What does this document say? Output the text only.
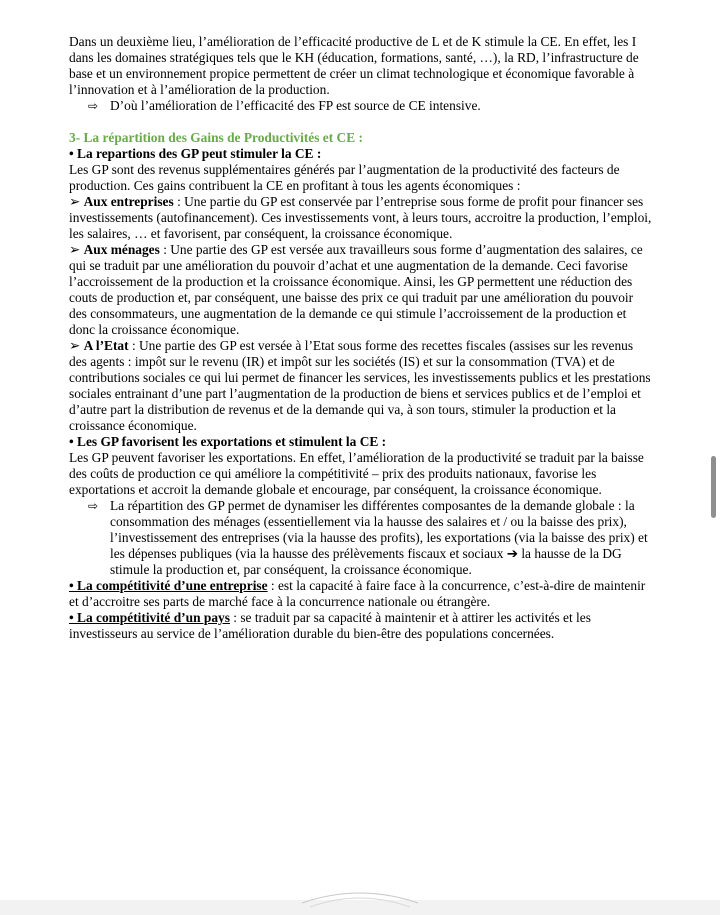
Dans un deuxième lieu, l’amélioration de l’efficacité productive de L et de K stimule la CE. En effet, les I dans les domaines stratégiques tels que le KH (éducation, formations, santé, …), la RD, l’infrastructure de base et un environnement propice permettent de créer un climat technologique et économique favorable à l’innovation et à l’amélioration de la production.

⇨ D’où l’amélioration de l’efficacité des FP est source de CE intensive.

3- La répartition des Gains de Productivités et CE :

• La repartions des GP peut stimuler la CE :

Les GP sont des revenus supplémentaires générés par l’augmentation de la productivité des facteurs de production. Ces gains contribuent la CE en profitant à tous les agents économiques :

➢ Aux entreprises : Une partie du GP est conservée par l’entreprise sous forme de profit pour financer ses investissements (autofinancement). Ces investissements vont, à leurs tours, accroitre la production, l’emploi, les salaires, … et favorisent, par conséquent, la croissance économique.

➢ Aux ménages : Une partie des GP est versée aux travailleurs sous forme d’augmentation des salaires, ce qui se traduit par une amélioration du pouvoir d’achat et une augmentation de la demande. Ceci favorise l’accroissement de la production et la croissance économique. Ainsi, les GP permettent une réduction des couts de production et, par conséquent, une baisse des prix ce qui traduit par une amélioration du pouvoir des consommateurs, une augmentation de la demande ce qui stimule l’accroissement de la production et donc la croissance économique.

➢ A l’Etat : Une partie des GP est versée à l’Etat sous forme des recettes fiscales (assises sur les revenus des agents : impôt sur le revenu (IR) et impôt sur les sociétés (IS) et sur la consommation (TVA) et de contributions sociales ce qui lui permet de financer les services, les investissements publics et les prestations sociales entrainant d’une part l’augmentation de la production de biens et services publics et de l’emploi et d’autre part la distribution de revenus et de la demande qui va, à son tours, stimuler la production et la croissance économique.

• Les GP favorisent les exportations et stimulent la CE :

Les GP peuvent favoriser les exportations. En effet, l’amélioration de la productivité se traduit par la baisse des coûts de production ce qui améliore la compétitivité – prix des produits nationaux, favorise les exportations et accroit la demande globale et encourage, par conséquent, la croissance économique.

⇨ La répartition des GP permet de dynamiser les différentes composantes de la demande globale : la consommation des ménages (essentiellement via la hausse des salaires et / ou la baisse des prix), l’investissement des entreprises (via la hausse des profits), les exportations (via la baisse des prix) et les dépenses publiques (via la hausse des prélèvements fiscaux et sociaux ➔ la hausse de la DG stimule la production et, par conséquent, la croissance économique.

• La compétitivité d’une entreprise : est la capacité à faire face à la concurrence, c’est-à-dire de maintenir et d’accroitre ses parts de marché face à la concurrence nationale ou étrangère.

• La compétitivité d’un pays : se traduit par sa capacité à maintenir et à attirer les activités et les investisseurs au service de l’amélioration durable du bien-être des populations concernées.
